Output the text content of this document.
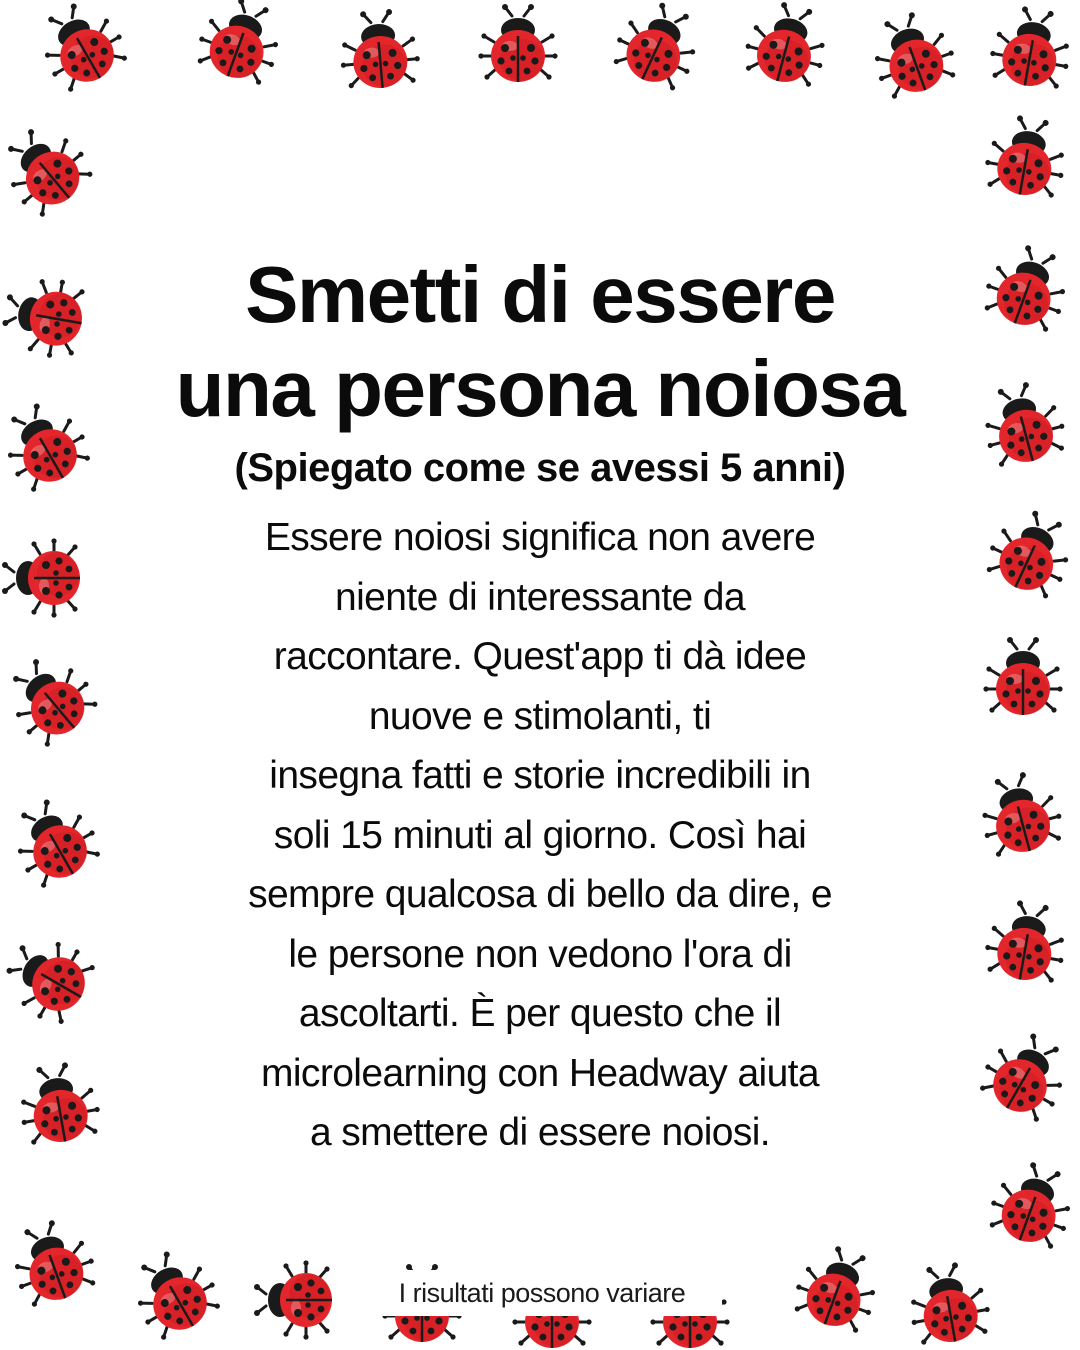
Smetti di essere
una persona noiosa
(Spiegato come se avessi 5 anni)
Essere noiosi significa non avere
niente di interessante da
raccontare. Quest'app ti dà idee
nuove e stimolanti, ti
insegna fatti e storie incredibili in
soli 15 minuti al giorno. Così hai
sempre qualcosa di bello da dire, e
le persone non vedono l'ora di
ascoltarti. È per questo che il
microlearning con Headway aiuta
a smettere di essere noiosi.
I risultati possono variare
